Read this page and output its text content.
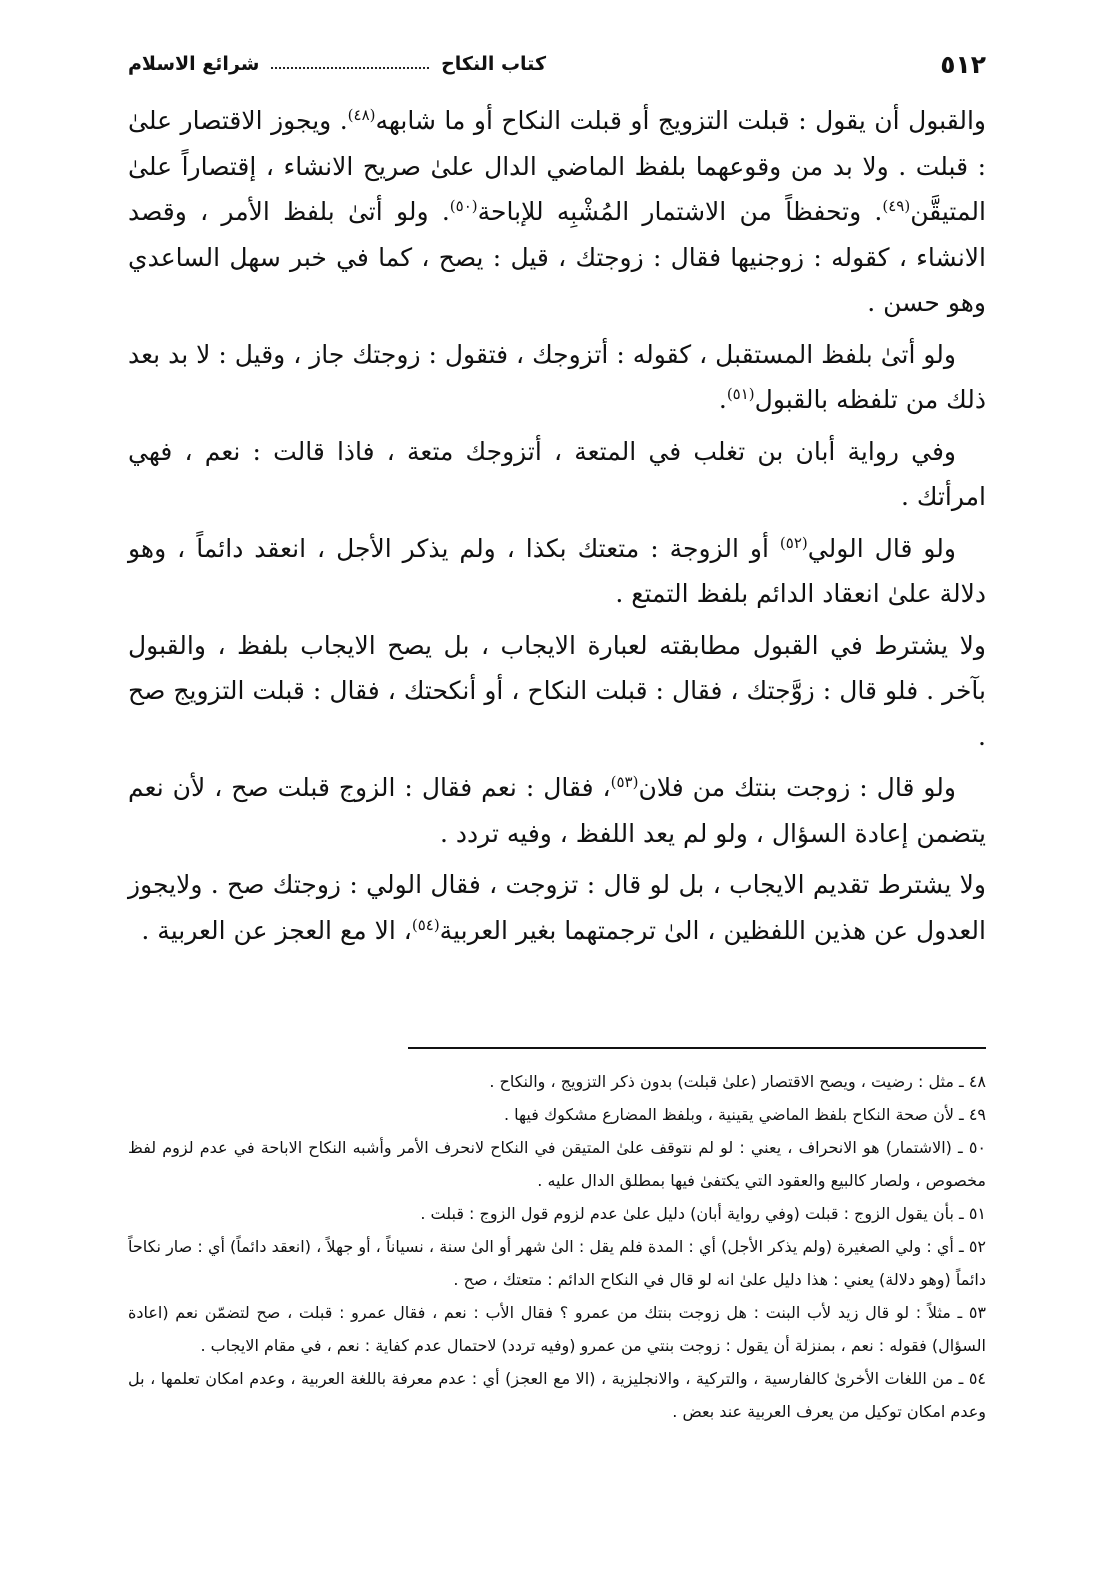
٥١٢
كتاب النكاح
شرائع الاسلام

والقبول أن يقول : قبلت التزويج أو قبلت النكاح أو ما شابهه$^{(٤٨)}$. ويجوز الاقتصار علىٰ : قبلت . ولا بد من وقوعهما بلفظ الماضي الدال علىٰ صريح الانشاء ، إقتصاراً علىٰ المتيقَّن$^{(٤٩)}$. وتحفظاً من الاشتمار المُشْبِه للإباحة$^{(٥٠)}$. ولو أتىٰ بلفظ الأمر ، وقصد الانشاء ، كقوله : زوجنيها فقال : زوجتك ، قيل : يصح ، كما في خبر سهل الساعدي وهو حسن .

ولو أتىٰ بلفظ المستقبل ، كقوله : أتزوجك ، فتقول : زوجتك جاز ، وقيل : لا بد بعد ذلك من تلفظه بالقبول$^{(٥١)}$.

وفي رواية أبان بن تغلب في المتعة ، أتزوجك متعة ، فاذا قالت : نعم ، فهي امرأتك .

ولو قال الولي$^{(٥٢)}$ أو الزوجة : متعتك بكذا ، ولم يذكر الأجل ، انعقد دائماً ، وهو دلالة علىٰ انعقاد الدائم بلفظ التمتع .

ولا يشترط في القبول مطابقته لعبارة الايجاب ، بل يصح الايجاب بلفظ ، والقبول بآخر . فلو قال : زوَّجتك ، فقال : قبلت النكاح ، أو أنكحتك ، فقال : قبلت التزويج صح .

ولو قال : زوجت بنتك من فلان$^{(٥٣)}$، فقال : نعم فقال : الزوج قبلت صح ، لأن نعم يتضمن إعادة السؤال ، ولو لم يعد اللفظ ، وفيه تردد .

ولا يشترط تقديم الايجاب ، بل لو قال : تزوجت ، فقال الولي : زوجتك صح . ولايجوز العدول عن هذين اللفظين ، الىٰ ترجمتهما بغير العربية$^{(٥٤)}$، الا مع العجز عن العربية .

٤٨ ـ مثل : رضيت ، ويصح الاقتصار (علىٰ قبلت) بدون ذكر التزويج ، والنكاح .

٤٩ ـ لأن صحة النكاح بلفظ الماضي يقينية ، وبلفظ المضارع مشكوك فيها .

٥٠ ـ (الاشتمار) هو الانحراف ، يعني : لو لم نتوقف علىٰ المتيقن في النكاح لانحرف الأمر وأشبه النكاح الاباحة في عدم لزوم لفظ مخصوص ، ولصار كالبيع والعقود التي يكتفىٰ فيها بمطلق الدال عليه .

٥١ ـ بأن يقول الزوج : قبلت (وفي رواية أبان) دليل علىٰ عدم لزوم قول الزوج : قبلت .

٥٢ ـ أي : ولي الصغيرة (ولم يذكر الأجل) أي : المدة فلم يقل : الىٰ شهر أو الىٰ سنة ، نسياناً ، أو جهلاً ، (انعقد دائماً) أي : صار نكاحاً دائماً (وهو دلالة) يعني : هذا دليل علىٰ انه لو قال في النكاح الدائم : متعتك ، صح .

٥٣ ـ مثلاً : لو قال زيد لأب البنت : هل زوجت بنتك من عمرو ؟ فقال الأب : نعم ، فقال عمرو : قبلت ، صح لتضمّن نعم (اعادة السؤال) فقوله : نعم ، بمنزلة أن يقول : زوجت بنتي من عمرو (وفيه تردد) لاحتمال عدم كفاية : نعم ، في مقام الايجاب .

٥٤ ـ من اللغات الأخرىٰ كالفارسية ، والتركية ، والانجليزية ، (الا مع العجز) أي : عدم معرفة باللغة العربية ، وعدم امكان تعلمها ، بل وعدم امكان توكيل من يعرف العربية عند بعض .
